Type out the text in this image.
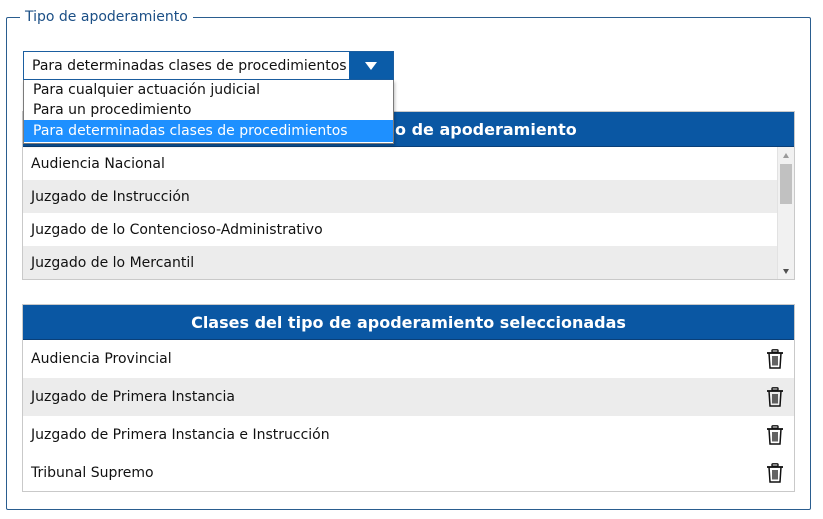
Tipo de apoderamiento
Para determinadas clases de procedimientos
o de apoderamiento
Audiencia Nacional
Juzgado de Instrucción
Juzgado de lo Contencioso-Administrativo
Juzgado de lo Mercantil
Clases del tipo de apoderamiento seleccionadas
Audiencia Provincial
Juzgado de Primera Instancia
Juzgado de Primera Instancia e Instrucción
Tribunal Supremo
Para cualquier actuación judicial
Para un procedimiento
Para determinadas clases de procedimientos
